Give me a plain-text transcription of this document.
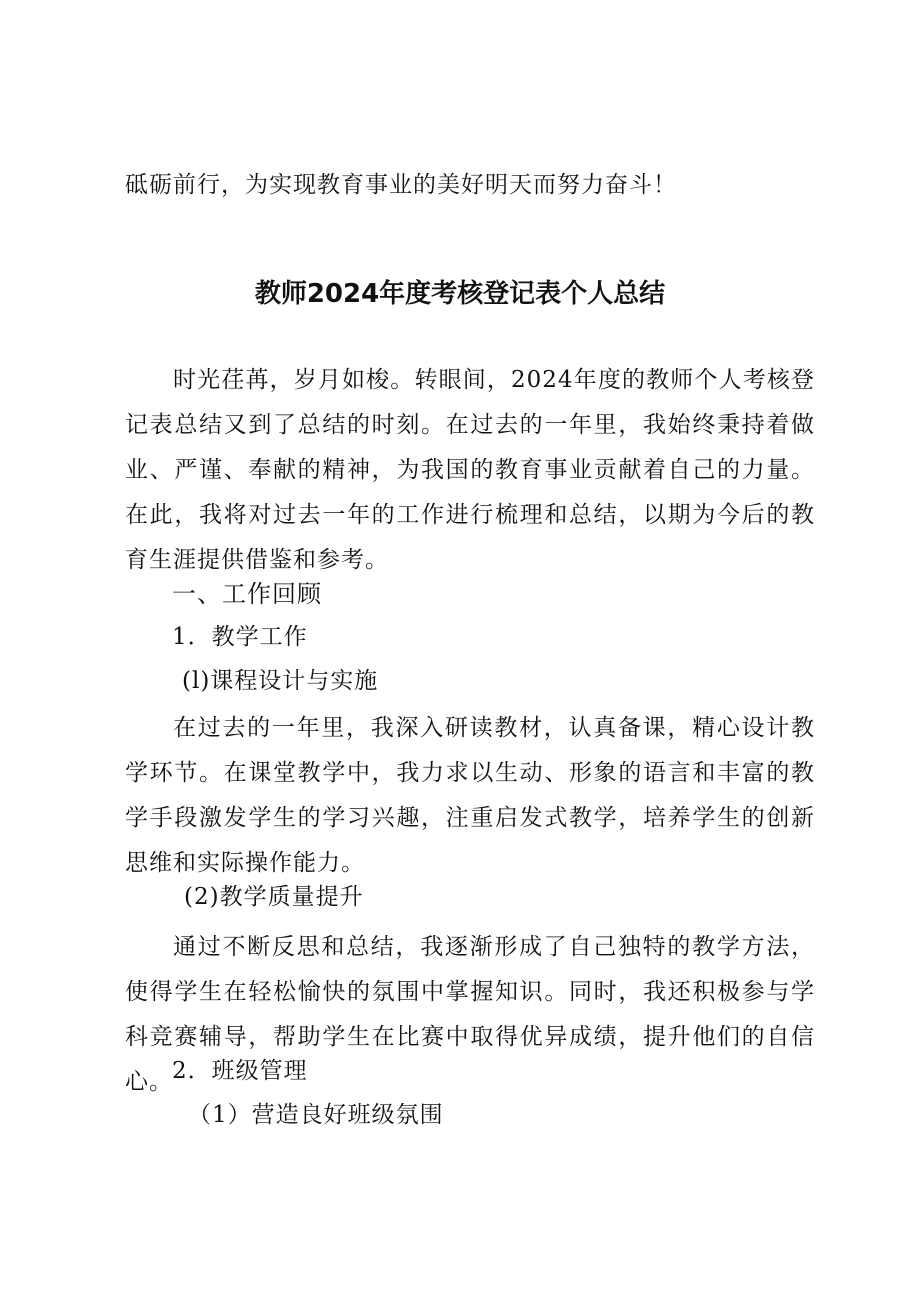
砥砺前行，为实现教育事业的美好明天而努力奋斗！
教师2024年度考核登记表个人总结
时光荏苒，岁月如梭。转眼间，2024年度的教师个人考核登记表总结又到了总结的时刻。在过去的一年里，我始终秉持着做业、严谨、奉献的精神，为我国的教育事业贡献着自己的力量。在此，我将对过去一年的工作进行梳理和总结，以期为今后的教育生涯提供借鉴和参考。
一、工作回顾
1．教学工作
(l)课程设计与实施
在过去的一年里，我深入研读教材，认真备课，精心设计教学环节。在课堂教学中，我力求以生动、形象的语言和丰富的教学手段激发学生的学习兴趣，注重启发式教学，培养学生的创新思维和实际操作能力。
(2)教学质量提升
通过不断反思和总结，我逐渐形成了自己独特的教学方法，使得学生在轻松愉快的氛围中掌握知识。同时，我还积极参与学科竞赛辅导，帮助学生在比赛中取得优异成绩，提升他们的自信心。 2．班级管理
（1）营造良好班级氛围
